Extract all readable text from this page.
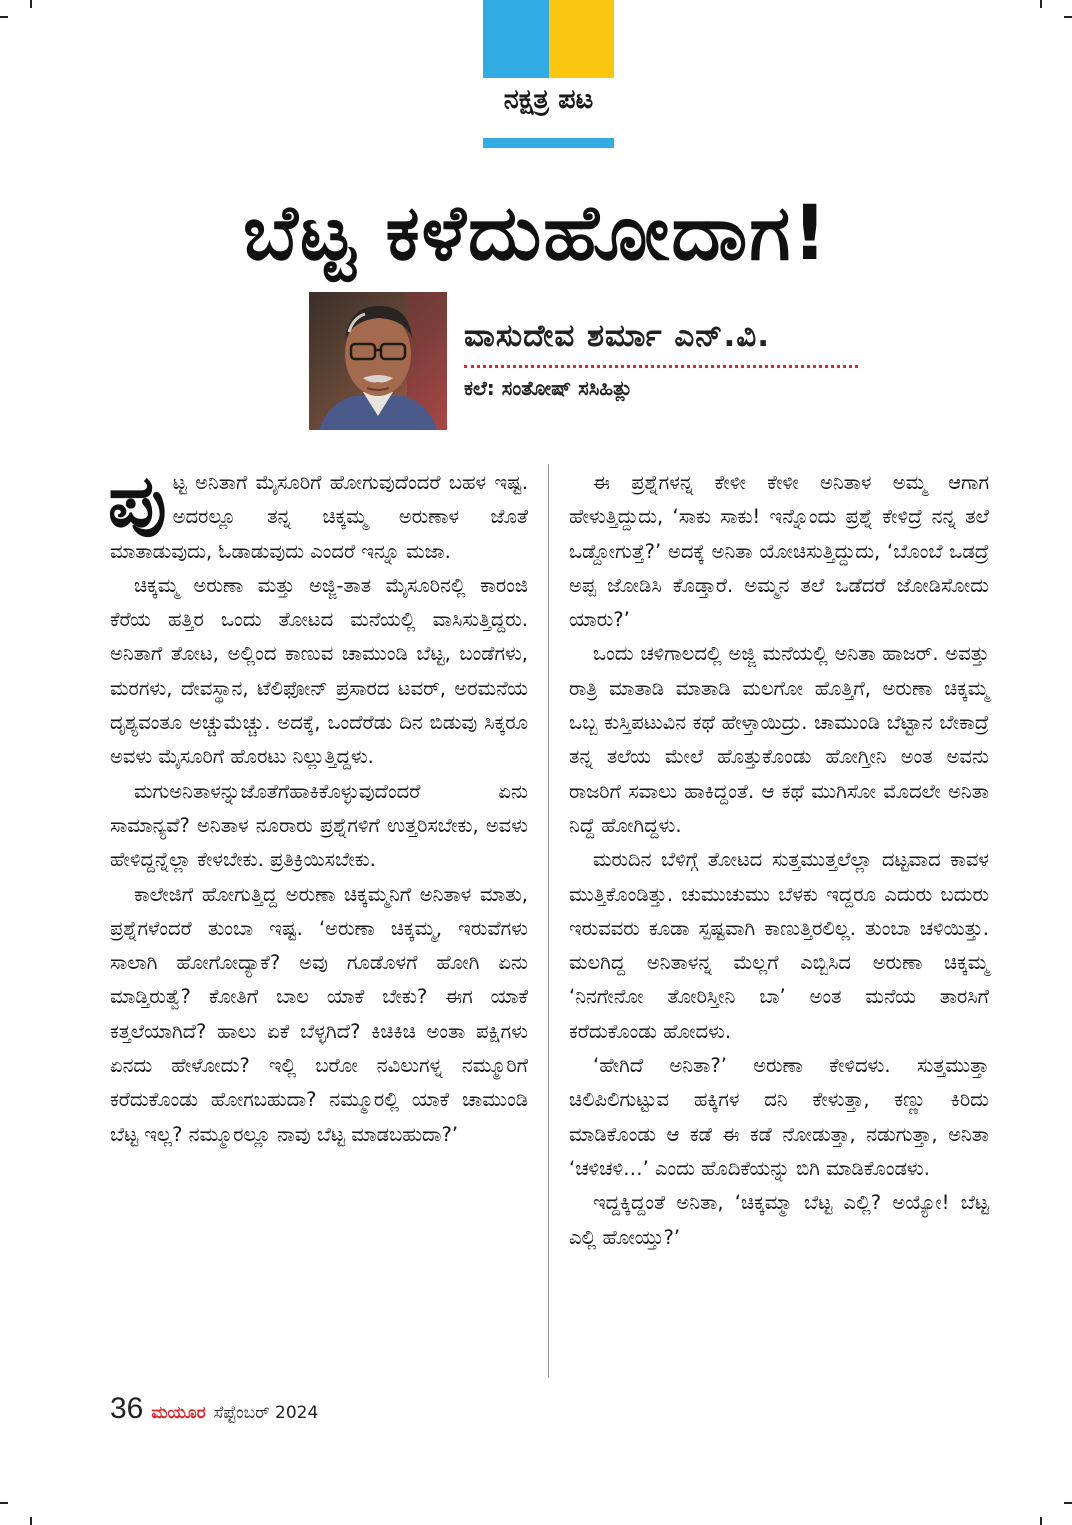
ನಕ್ಷತ್ರ ಪಟ
ಬೆಟ್ಟ ಕಳೆದುಹೋದಾಗ!
ವಾಸುದೇವ ಶರ್ಮಾ ಎನ್.ವಿ.
ಕಲೆ: ಸಂತೋಷ್ ಸಸಿಹಿತ್ಲು

ಪುಟ್ಟ ಅನಿತಾಗೆ ಮೈಸೂರಿಗೆ ಹೋಗುವುದೆಂದರೆ ಬಹಳ ಇಷ್ಟ. ಅದರಲ್ಲೂ ತನ್ನ ಚಿಕ್ಕಮ್ಮ ಅರುಣಾಳ ಜೊತೆ ಮಾತಾಡುವುದು, ಓಡಾಡುವುದು ಎಂದರೆ ಇನ್ನೂ ಮಜಾ.

ಚಿಕ್ಕಮ್ಮ ಅರುಣಾ ಮತ್ತು ಅಜ್ಜಿ-ತಾತ ಮೈಸೂರಿನಲ್ಲಿ ಕಾರಂಜಿ ಕೆರೆಯ ಹತ್ತಿರ ಒಂದು ತೋಟದ ಮನೆಯಲ್ಲಿ ವಾಸಿಸುತ್ತಿದ್ದರು. ಅನಿತಾಗೆ ತೋಟ, ಅಲ್ಲಿಂದ ಕಾಣುವ ಚಾಮುಂಡಿ ಬೆಟ್ಟ, ಬಂಡೆಗಳು, ಮರಗಳು, ದೇವಸ್ಥಾನ, ಟೆಲಿಫೋನ್ ಪ್ರಸಾರದ ಟವರ್, ಅರಮನೆಯ ದೃಶ್ಯವಂತೂ ಅಚ್ಚುಮೆಚ್ಚು. ಅದಕ್ಕೆ, ಒಂದೆರೆಡು ದಿನ ಬಿಡುವು ಸಿಕ್ಕರೂ ಅವಳು ಮೈಸೂರಿಗೆ ಹೊರಟು ನಿಲ್ಲುತ್ತಿದ್ದಳು.

ಮಗುಅನಿತಾಳನ್ನುಜೊತೆಗೆಹಾಕಿಕೊಳ್ಳುವುದೆಂದರೆ ಏನು ಸಾಮಾನ್ಯವೆ? ಅನಿತಾಳ ನೂರಾರು ಪ್ರಶ್ನೆಗಳಿಗೆ ಉತ್ತರಿಸಬೇಕು, ಅವಳು ಹೇಳಿದ್ದನ್ನೆಲ್ಲಾ ಕೇಳಬೇಕು. ಪ್ರತಿಕ್ರಿಯಿಸಬೇಕು.

ಕಾಲೇಜಿಗೆ ಹೋಗುತ್ತಿದ್ದ ಅರುಣಾ ಚಿಕ್ಕಮ್ಮನಿಗೆ ಅನಿತಾಳ ಮಾತು, ಪ್ರಶ್ನೆಗಳೆಂದರೆ ತುಂಬಾ ಇಷ್ಟ. ‘ಅರುಣಾ ಚಿಕ್ಕಮ್ಮ, ಇರುವೆಗಳು ಸಾಲಾಗಿ ಹೋಗೋದ್ಯಾಕೆ? ಅವು ಗೂಡೊಳಗೆ ಹೋಗಿ ಏನು ಮಾಡ್ತಿರುತ್ವೆ? ಕೋತಿಗೆ ಬಾಲ ಯಾಕೆ ಬೇಕು? ಈಗ ಯಾಕೆ ಕತ್ತಲೆಯಾಗಿದೆ? ಹಾಲು ಏಕೆ ಬೆಳ್ಳಗಿದೆ? ಕಿಚಿಕಿಚಿ ಅಂತಾ ಪಕ್ಷಿಗಳು ಏನದು ಹೇಳೋದು? ಇಲ್ಲಿ ಬರೋ ನವಿಲುಗಳ್ನ ನಮ್ಮೂರಿಗೆ ಕರೆದುಕೊಂಡು ಹೋಗಬಹುದಾ? ನಮ್ಮೂರಲ್ಲಿ ಯಾಕೆ ಚಾಮುಂಡಿ ಬೆಟ್ಟ ಇಲ್ಲ? ನಮ್ಮೂರಲ್ಲೂ ನಾವು ಬೆಟ್ಟ ಮಾಡಬಹುದಾ?’

ಈ ಪ್ರಶ್ನೆಗಳನ್ನ ಕೇಳೀ ಕೇಳೀ ಅನಿತಾಳ ಅಮ್ಮ ಆಗಾಗ ಹೇಳುತ್ತಿದ್ದುದು, ‘ಸಾಕು ಸಾಕು! ಇನ್ನೊಂದು ಪ್ರಶ್ನೆ ಕೇಳಿದ್ರೆ ನನ್ನ ತಲೆ ಒಡ್ದೋಗುತ್ತೆ?’ ಅದಕ್ಕೆ ಅನಿತಾ ಯೋಚಿಸುತ್ತಿದ್ದುದು, ‘ಬೊಂಬೆ ಒಡದ್ರೆ ಅಪ್ಪ ಜೋಡಿಸಿ ಕೊಡ್ತಾರೆ. ಅಮ್ಮನ ತಲೆ ಒಡೆದರೆ ಜೋಡಿಸೋದು ಯಾರು?’

ಒಂದು ಚಳಿಗಾಲದಲ್ಲಿ ಅಜ್ಜಿ ಮನೆಯಲ್ಲಿ ಅನಿತಾ ಹಾಜರ್. ಅವತ್ತು ರಾತ್ರಿ ಮಾತಾಡಿ ಮಾತಾಡಿ ಮಲಗೋ ಹೊತ್ತಿಗೆ, ಅರುಣಾ ಚಿಕ್ಕಮ್ಮ ಒಬ್ಬ ಕುಸ್ತಿಪಟುವಿನ ಕಥೆ ಹೇಳ್ತಾಯಿದ್ರು. ಚಾಮುಂಡಿ ಬೆಟ್ಟಾನ ಬೇಕಾದ್ರೆ ತನ್ನ ತಲೆಯ ಮೇಲೆ ಹೊತ್ತುಕೊಂಡು ಹೋಗ್ತೀನಿ ಅಂತ ಅವನು ರಾಜರಿಗೆ ಸವಾಲು ಹಾಕಿದ್ದಂತೆ. ಆ ಕಥೆ ಮುಗಿಸೋ ಮೊದಲೇ ಅನಿತಾ ನಿದ್ದೆ ಹೋಗಿದ್ದಳು.

ಮರುದಿನ ಬೆಳಿಗ್ಗೆ ತೋಟದ ಸುತ್ತಮುತ್ತಲೆಲ್ಲಾ ದಟ್ಟವಾದ ಕಾವಳ ಮುತ್ತಿಕೊಂಡಿತ್ತು. ಚುಮುಚುಮು ಬೆಳಕು ಇದ್ದರೂ ಎದುರು ಬದುರು ಇರುವವರು ಕೂಡಾ ಸ್ಪಷ್ಟವಾಗಿ ಕಾಣುತ್ತಿರಲಿಲ್ಲ. ತುಂಬಾ ಚಳಿಯಿತ್ತು. ಮಲಗಿದ್ದ ಅನಿತಾಳನ್ನ ಮೆಲ್ಲಗೆ ಎಬ್ಬಿಸಿದ ಅರುಣಾ ಚಿಕ್ಕಮ್ಮ ‘ನಿನಗೇನೋ ತೋರಿಸ್ತೀನಿ ಬಾ’ ಅಂತ ಮನೆಯ ತಾರಸಿಗೆ ಕರೆದುಕೊಂಡು ಹೋದಳು.

‘ಹೇಗಿದೆ ಅನಿತಾ?’ ಅರುಣಾ ಕೇಳಿದಳು. ಸುತ್ತಮುತ್ತಾ ಚಿಲಿಪಿಲಿಗುಟ್ಟುವ ಹಕ್ಕಿಗಳ ದನಿ ಕೇಳುತ್ತಾ, ಕಣ್ಣು ಕಿರಿದು ಮಾಡಿಕೊಂಡು ಆ ಕಡೆ ಈ ಕಡೆ ನೋಡುತ್ತಾ, ನಡುಗುತ್ತಾ, ಅನಿತಾ ‘ಚಳಿಚಳಿ…’ ಎಂದು ಹೊದಿಕೆಯನ್ನು ಬಿಗಿ ಮಾಡಿಕೊಂಡಳು.

ಇದ್ದಕ್ಕಿದ್ದಂತೆ ಅನಿತಾ, ‘ಚಿಕ್ಕಮ್ಮಾ ಬೆಟ್ಟ ಎಲ್ಲಿ? ಅಯ್ಯೋ! ಬೆಟ್ಟ ಎಲ್ಲಿ ಹೋಯ್ತು?’

36 ಮಯೂರ ಸೆಪ್ಟೆಂಬರ್ 2024
